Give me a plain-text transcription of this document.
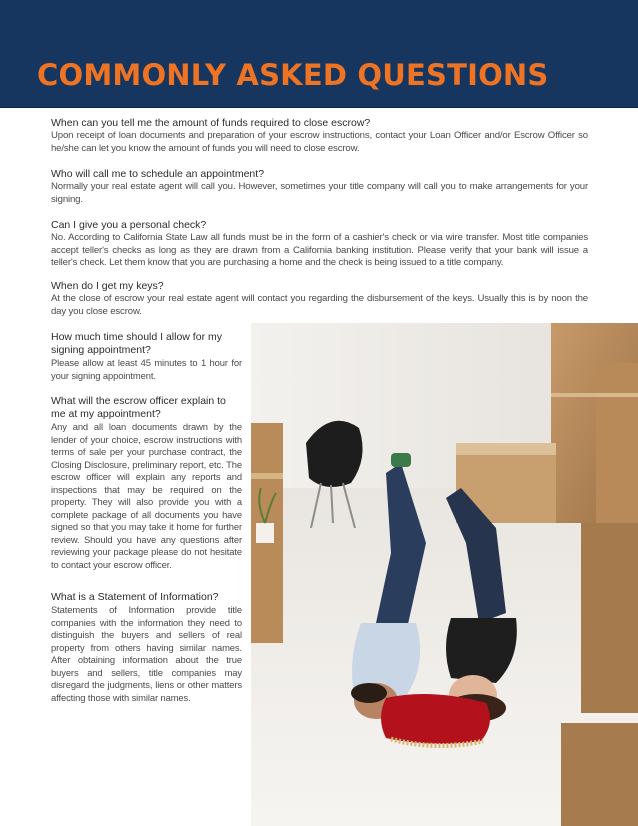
COMMONLY ASKED QUESTIONS

When can you tell me the amount of funds required to close escrow?

Upon receipt of loan documents and preparation of your escrow instructions, contact your Loan Officer and/or Escrow Officer so he/she can let you know the amount of funds you will need to close escrow.

Who will call me to schedule an appointment?

Normally your real estate agent will call you. However, sometimes your title company will call you to make arrangements for your signing.

Can I give you a personal check?

No. According to California State Law all funds must be in the form of a cashier's check or via wire transfer. Most title companies accept teller's checks as long as they are drawn from a California banking institution. Please verify that your bank will issue a teller's check. Let them know that you are purchasing a home and the check is being issued to a title company.

When do I get my keys?

At the close of escrow your real estate agent will contact you regarding the disbursement of the keys. Usually this is by noon the day you close escrow.

How much time should I allow for my signing appointment?

Please allow at least 45 minutes to 1 hour for your signing appointment.

What will the escrow officer explain to me at my appointment?

Any and all loan documents drawn by the lender of your choice, escrow instructions with terms of sale per your purchase contract, the Closing Disclosure, preliminary report, etc. The escrow officer will explain any reports and inspections that may be required on the property. They will also provide you with a complete package of all documents you have signed so that you may take it home for further review. Should you have any questions after reviewing your package please do not hesitate to contact your escrow officer.

What is a Statement of Information?

Statements of Information provide title companies with the information they need to distinguish the buyers and sellers of real property from others having similar names. After obtaining information about the true buyers and sellers, title companies may disregard the judgments, liens or other matters affecting those with similar names.
